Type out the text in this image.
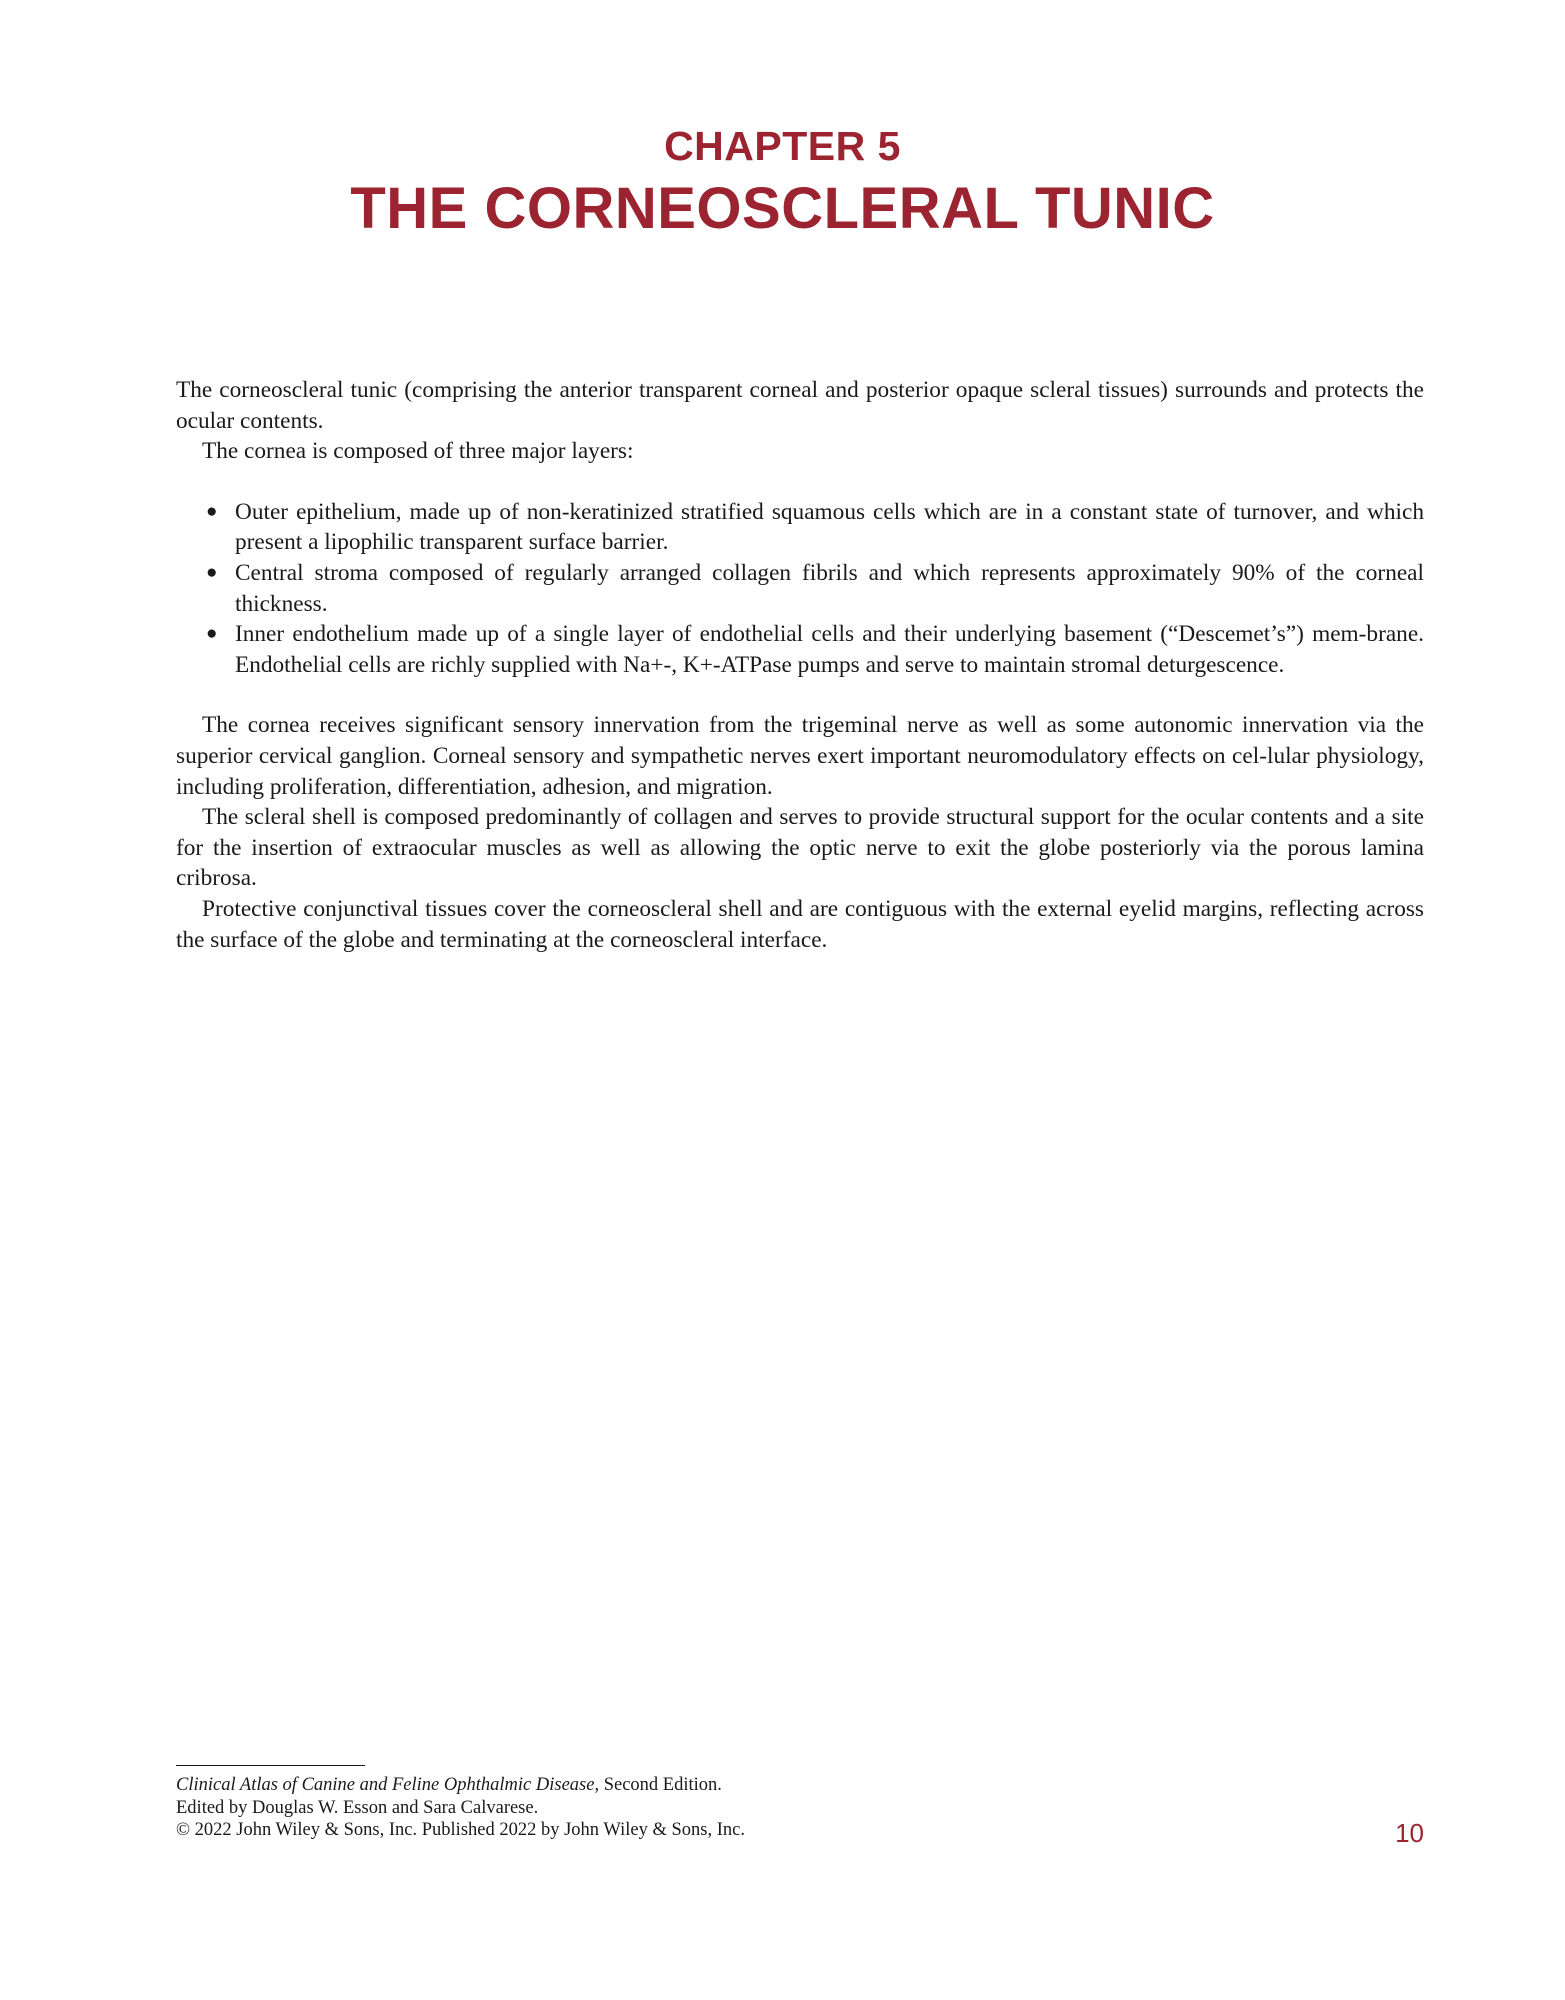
CHAPTER 5
THE CORNEOSCLERAL TUNIC

The corneoscleral tunic (comprising the anterior transparent corneal and posterior opaque scleral tissues) surrounds and protects the ocular contents.

The cornea is composed of three major layers:

● Outer epithelium, made up of non-keratinized stratified squamous cells which are in a constant state of turnover, and which present a lipophilic transparent surface barrier.
● Central stroma composed of regularly arranged collagen fibrils and which represents approximately 90% of the corneal thickness.
● Inner endothelium made up of a single layer of endothelial cells and their underlying basement (“Descemet’s”) mem-brane. Endothelial cells are richly supplied with Na+-, K+-ATPase pumps and serve to maintain stromal deturgescence.

The cornea receives significant sensory innervation from the trigeminal nerve as well as some autonomic innervation via the superior cervical ganglion. Corneal sensory and sympathetic nerves exert important neuromodulatory effects on cel-lular physiology, including proliferation, differentiation, adhesion, and migration.

The scleral shell is composed predominantly of collagen and serves to provide structural support for the ocular contents and a site for the insertion of extraocular muscles as well as allowing the optic nerve to exit the globe posteriorly via the porous lamina cribrosa.

Protective conjunctival tissues cover the corneoscleral shell and are contiguous with the external eyelid margins, reflecting across the surface of the globe and terminating at the corneoscleral interface.

Clinical Atlas of Canine and Feline Ophthalmic Disease, Second Edition.

Edited by Douglas W. Esson and Sara Calvarese.

© 2022 John Wiley & Sons, Inc. Published 2022 by John Wiley & Sons, Inc.	10
